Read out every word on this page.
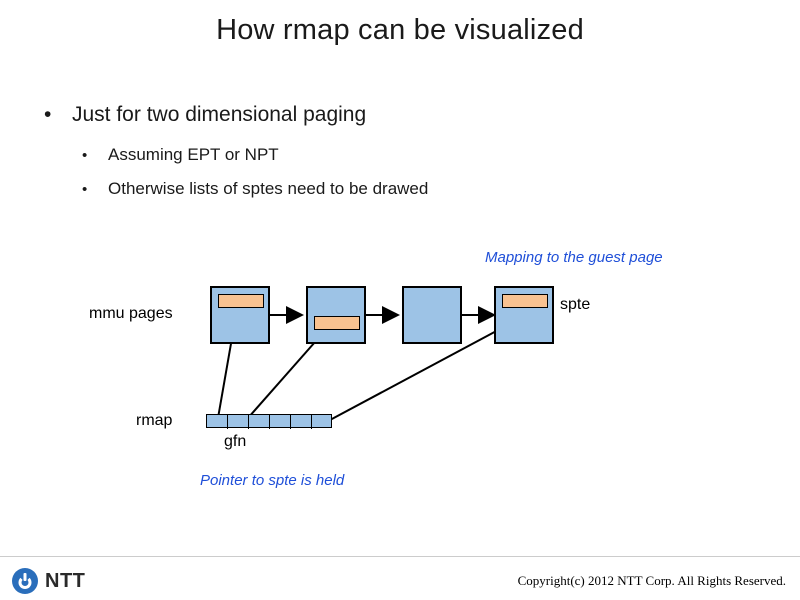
How rmap can be visualized
• Just for two dimensional paging
•	Assuming EPT or NPT
•	Otherwise lists of sptes need to be drawed
mmu pages
rmap
gfn
spte
Mapping to the guest page
Pointer to spte is held
NTT	Copyright(c) 2012 NTT Corp. All Rights Reserved.
